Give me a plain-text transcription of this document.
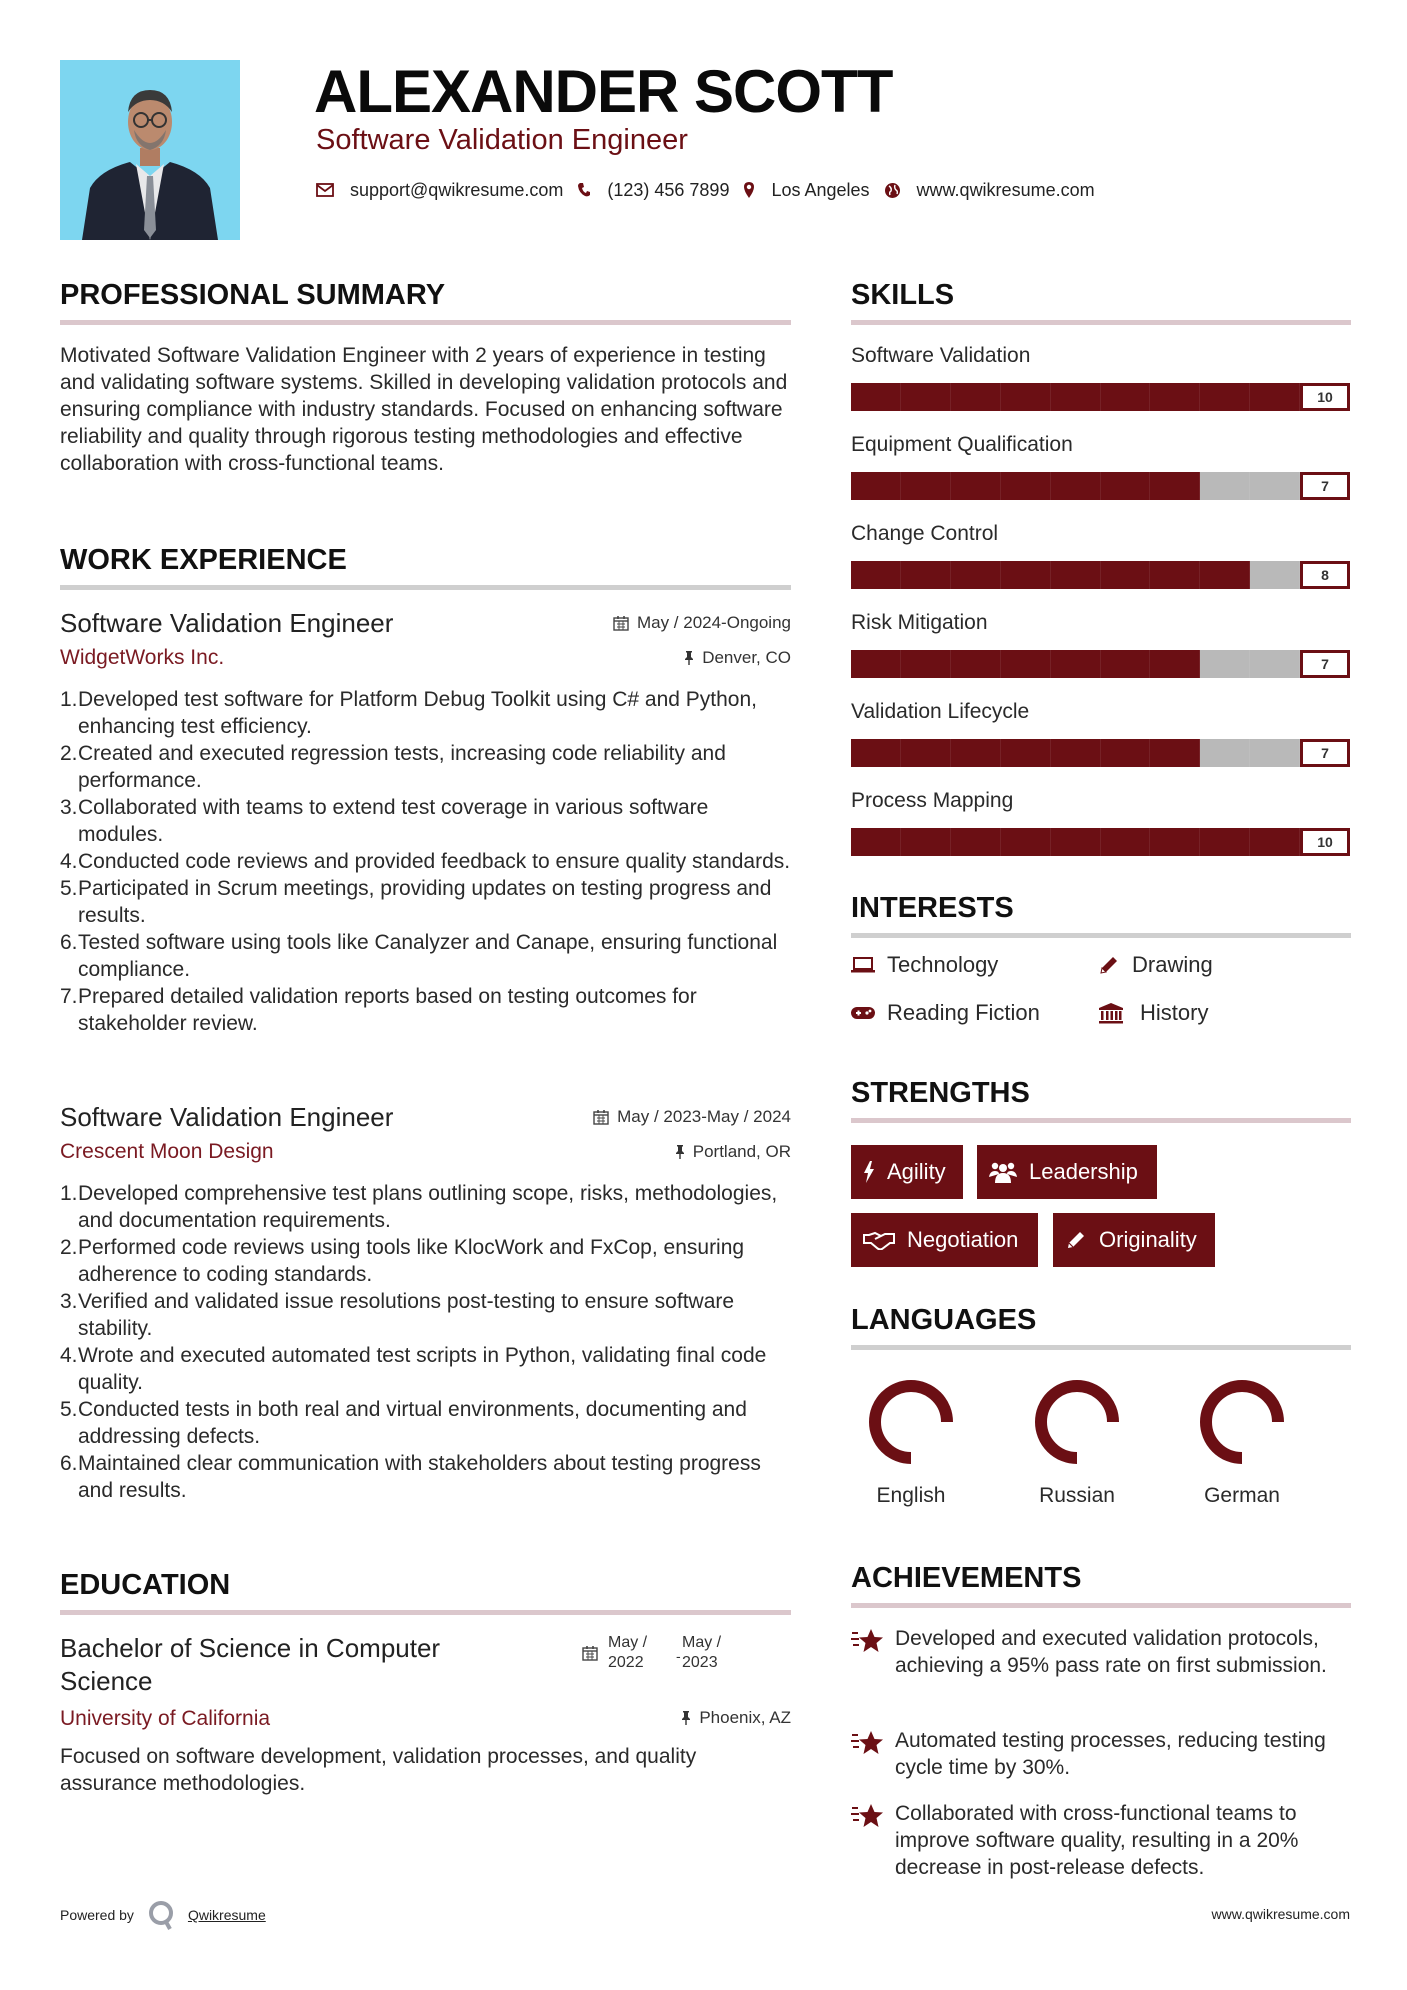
ALEXANDER SCOTT
Software Validation Engineer
support@qwikresume.com (123) 456 7899 Los Angeles	www.qwikresume.com
PROFESSIONAL SUMMARY
Motivated Software Validation Engineer with 2 years of experience in testing and validating software systems. Skilled in developing validation protocols and ensuring compliance with industry standards. Focused on enhancing software reliability and quality through rigorous testing methodologies and effective collaboration with cross-functional teams.
WORK EXPERIENCE
Software Validation Engineer	May / 2024-Ongoing
WidgetWorks Inc.	Denver, CO
1. Developed test software for Platform Debug Toolkit using C# and Python, enhancing test efficiency.
2. Created and executed regression tests, increasing code reliability and performance.
3. Collaborated with teams to extend test coverage in various software modules.
4. Conducted code reviews and provided feedback to ensure quality standards.
5. Participated in Scrum meetings, providing updates on testing progress and results.
6. Tested software using tools like Canalyzer and Canape, ensuring functional compliance.
7. Prepared detailed validation reports based on testing outcomes for stakeholder review.
Software Validation Engineer	May / 2023-May / 2024
Crescent Moon Design	Portland, OR
1. Developed comprehensive test plans outlining scope, risks, methodologies, and documentation requirements.
2. Performed code reviews using tools like KlocWork and FxCop, ensuring adherence to coding standards.
3. Verified and validated issue resolutions post-testing to ensure software stability.
4. Wrote and executed automated test scripts in Python, validating final code quality.
5. Conducted tests in both real and virtual environments, documenting and addressing defects.
6. Maintained clear communication with stakeholders about testing progress and results.
EDUCATION
Bachelor of Science in Computer Science
May /
2022	-
May /
2023
University of California	Phoenix, AZ
Focused on software development, validation processes, and quality assurance methodologies.
SKILLS
Software Validation
10
Equipment Qualification
7
Change Control
8
Risk Mitigation
7
Validation Lifecycle
7
Process Mapping
10
INTERESTS
Technology	Drawing
Reading Fiction	History
STRENGTHS
Agility	Leadership
Negotiation	Originality
LANGUAGES
English	Russian	German
ACHIEVEMENTS
Developed and executed validation protocols, achieving a 95% pass rate on first submission.
Automated testing processes, reducing testing cycle time by 30%.
Collaborated with cross-functional teams to improve software quality, resulting in a 20% decrease in post-release defects.
Powered by	Qwikresume	www.qwikresume.com
